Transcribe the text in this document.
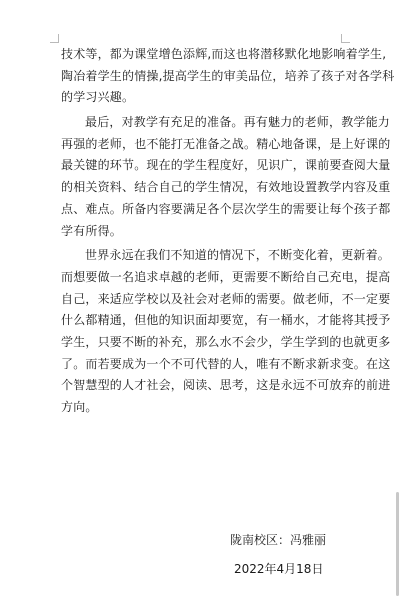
技术等，都为课堂增色添辉,而这也将潜移默化地影响着学生,
陶冶着学生的情操,提高学生的审美品位，培养了孩子对各学科
的学习兴趣。
最后，对教学有充足的准备。再有魅力的老师，教学能力
再强的老师，也不能打无准备之战。精心地备课，是上好课的
最关键的环节。现在的学生程度好，见识广，课前要查阅大量
的相关资料、结合自己的学生情况，有效地设置教学内容及重
点、难点。所备内容要满足各个层次学生的需要让每个孩子都
学有所得。
世界永远在我们不知道的情况下，不断变化着，更新着。
而想要做一名追求卓越的老师，更需要不断给自己充电，提高
自己，来适应学校以及社会对老师的需要。做老师，不一定要
什么都精通，但他的知识面却要宽，有一桶水，才能将其授予
学生，只要不断的补充，那么水不会少，学生学到的也就更多
了。而若要成为一个不可代替的人，唯有不断求新求变。在这
个智慧型的人才社会，阅读、思考，这是永远不可放弃的前进
方向。
陇南校区：冯雅丽
2022年4月18日
